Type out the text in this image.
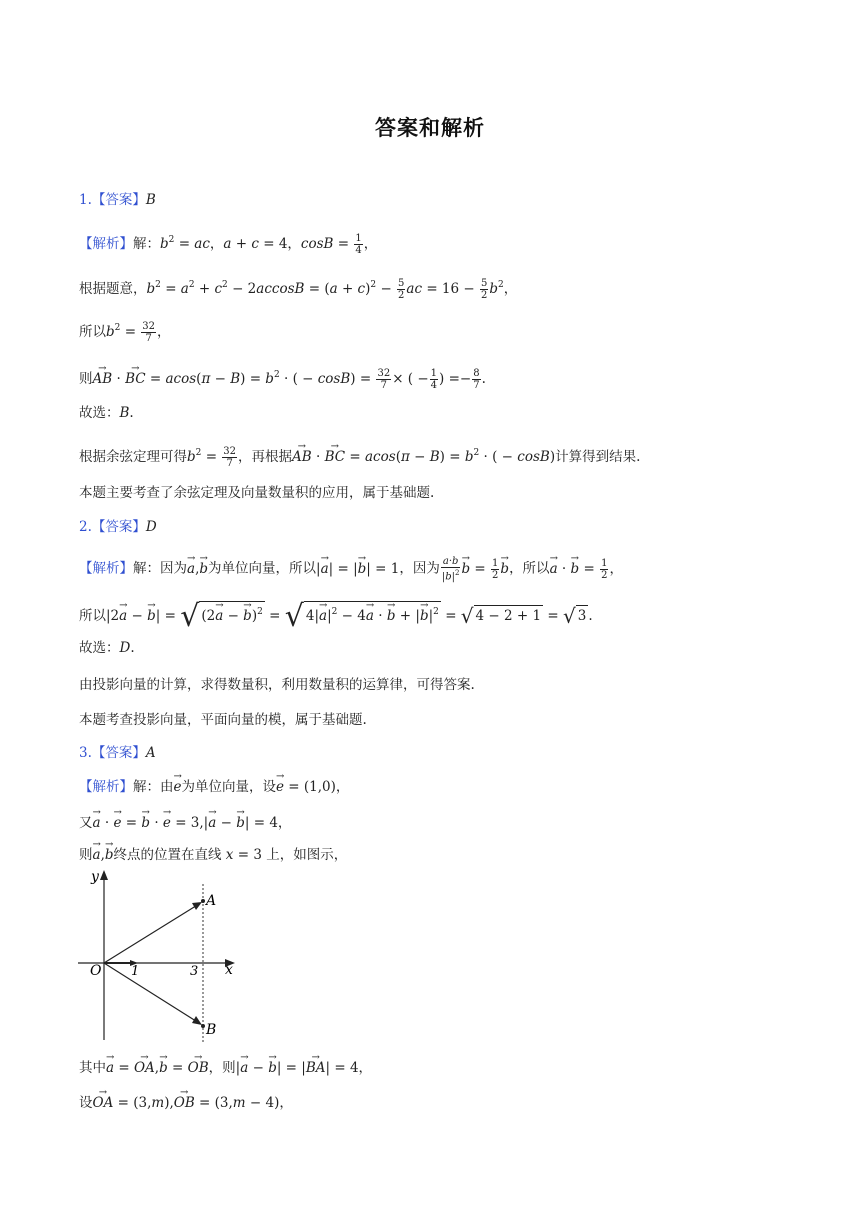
答案和解析
1.【答案】B
【解析】解：$b^2$ = ac，a + c = 4，$\cos B = \frac{1}{4}$ ，
根据题意，$b^2 = a^2 + c^2 - 2accosB = (a + c)^2 - \frac{5}{2}$ ac = $16 - \frac{5}{2} b^2$，
所以$b^2 = \frac{32}{7}$ ，
则→ AB · → BC = $acos(\pi - B) = b^2$ · ( − $\cos B) = \frac{32}{7}$ × ( − $\frac{1}{4}$ ) =− $\frac{8}{7}$ .
故选：B.
根据余弦定理可得$b^2 = \frac{32}{7}$ ，再根据→ AB · → BC = $acos(\pi - B) = b^2$ · ( − cosB)计算得到结果.
本题主要考查了余弦定理及向量数量积的应用，属于基础题.
2.【答案】D
【解析】解：因为→ a,→ b为单位向量，所以|→ a| = |→ b| = 1，因为 $\frac{a\cdot b}{|b|^2}$
→ $b = \frac{1}{2}$
→ b，所以→ a · → $b = \frac{1}{2}$ ，
所以|2→ a − → b| = √ (2→ a − → b)$^2$ = √ $4|\to a|^2 - 4\to a$ · → b + |→ $b|^2$ = √ 4 − 2 + 1 = √ 3 .
故选：D.
由投影向量的计算，求得数量积，利用数量积的运算律，可得答案.
本题考查投影向量，平面向量的模，属于基础题.
3.【答案】A
【解析】解：由→ e为单位向量，设→ e = (1,0)，
又→ a · → e = → b · → e = 3,|→ a − → b| = 4，
则→ a,→ b终点的位置在直线 x = 3 上，如图示，
y
x
O 1	3
A
B
其中→ a = → OA,→ b = → OB，则|→ a − → b| = |→ BA| = 4，
设→ OA = (3,m),→ OB = (3,m − 4)，
